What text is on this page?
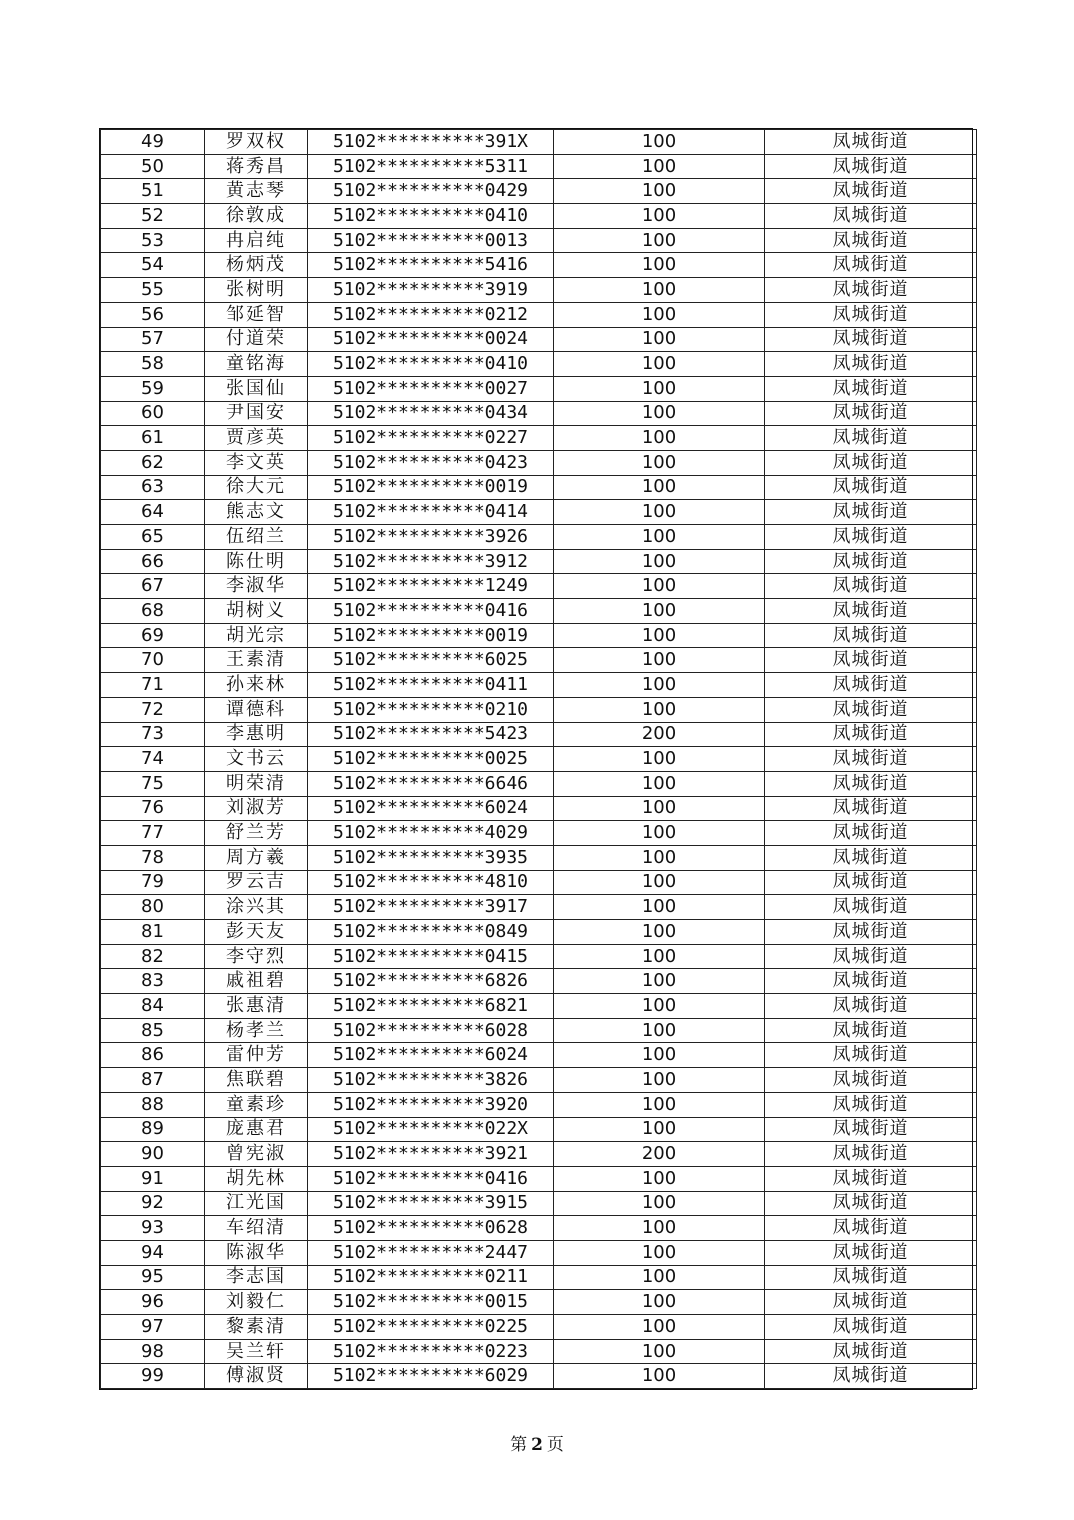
49	罗双权	5102**********391X	100	凤城街道
50	蒋秀昌	5102**********5311	100	凤城街道
51	黄志琴	5102**********0429	100	凤城街道
52	徐敦成	5102**********0410	100	凤城街道
53	冉启纯	5102**********0013	100	凤城街道
54	杨炳茂	5102**********5416	100	凤城街道
55	张树明	5102**********3919	100	凤城街道
56	邹延智	5102**********0212	100	凤城街道
57	付道荣	5102**********0024	100	凤城街道
58	童铭海	5102**********0410	100	凤城街道
59	张国仙	5102**********0027	100	凤城街道
60	尹国安	5102**********0434	100	凤城街道
61	贾彦英	5102**********0227	100	凤城街道
62	李文英	5102**********0423	100	凤城街道
63	徐大元	5102**********0019	100	凤城街道
64	熊志文	5102**********0414	100	凤城街道
65	伍绍兰	5102**********3926	100	凤城街道
66	陈仕明	5102**********3912	100	凤城街道
67	李淑华	5102**********1249	100	凤城街道
68	胡树义	5102**********0416	100	凤城街道
69	胡光宗	5102**********0019	100	凤城街道
70	王素清	5102**********6025	100	凤城街道
71	孙来林	5102**********0411	100	凤城街道
72	谭德科	5102**********0210	100	凤城街道
73	李惠明	5102**********5423	200	凤城街道
74	文书云	5102**********0025	100	凤城街道
75	明荣清	5102**********6646	100	凤城街道
76	刘淑芳	5102**********6024	100	凤城街道
77	舒兰芳	5102**********4029	100	凤城街道
78	周方羲	5102**********3935	100	凤城街道
79	罗云吉	5102**********4810	100	凤城街道
80	涂兴其	5102**********3917	100	凤城街道
81	彭天友	5102**********0849	100	凤城街道
82	李守烈	5102**********0415	100	凤城街道
83	戚祖碧	5102**********6826	100	凤城街道
84	张惠清	5102**********6821	100	凤城街道
85	杨孝兰	5102**********6028	100	凤城街道
86	雷仲芳	5102**********6024	100	凤城街道
87	焦联碧	5102**********3826	100	凤城街道
88	童素珍	5102**********3920	100	凤城街道
89	庞惠君	5102**********022X	100	凤城街道
90	曾宪淑	5102**********3921	200	凤城街道
91	胡先林	5102**********0416	100	凤城街道
92	江光国	5102**********3915	100	凤城街道
93	车绍清	5102**********0628	100	凤城街道
94	陈淑华	5102**********2447	100	凤城街道
95	李志国	5102**********0211	100	凤城街道
96	刘毅仁	5102**********0015	100	凤城街道
97	黎素清	5102**********0225	100	凤城街道
98	吴兰轩	5102**********0223	100	凤城街道
99	傅淑贤	5102**********6029	100	凤城街道
第 2 页
